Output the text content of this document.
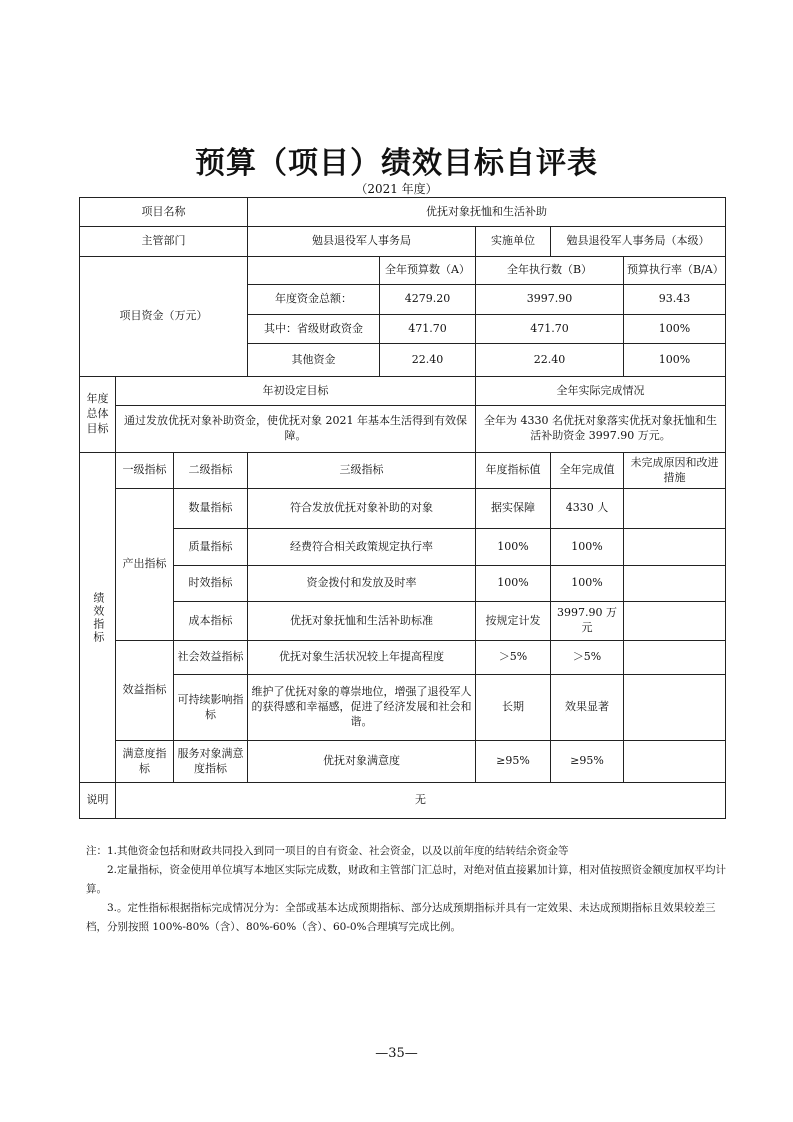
预算（项目）绩效目标自评表
（2021 年度）
项目名称			优抚对象抚恤和生活补助				
主管部门			勉县退役军人事务局		实施单位	勉县退役军人事务局（本级）	
项目资金（万元）				全年预算数（A）	全年执行数（B）		预算执行率（B/A）
			年度资金总额：	4279.20	3997.90		93.43
			其中：省级财政资金	471.70	471.70		100%
			其他资金	22.40	22.40		100%
年度总体目标	年初设定目标				全年实际完成情况		
	通过发放优抚对象补助资金，使优抚对象 2021 年基本生活得到有效保障。				全年为 4330 名优抚对象落实优抚对象抚恤和生活补助资金 3997.90 万元。		
绩效指标	一级指标	二级指标	三级指标		年度指标值	全年完成值	未完成原因和改进措施
	产出指标	数量指标	符合发放优抚对象补助的对象		据实保障	4330 人	
		质量指标	经费符合相关政策规定执行率		100%	100%	
		时效指标	资金拨付和发放及时率		100%	100%	
		成本指标	优抚对象抚恤和生活补助标准		按规定计发	3997.90 万元	
	效益指标	社会效益指标	优抚对象生活状况较上年提高程度		＞5%	＞5%	
		可持续影响指标	维护了优抚对象的尊崇地位，增强了退役军人的获得感和幸福感，促进了经济发展和社会和谐。		长期	效果显著	
	满意度指标	服务对象满意度指标	优抚对象满意度		≥95%	≥95%	
说明	无						

注：1.其他资金包括和财政共同投入到同一项目的自有资金、社会资金，以及以前年度的结转结余资金等

2.定量指标，资金使用单位填写本地区实际完成数，财政和主管部门汇总时，对绝对值直接累加计算，相对值按照资金额度加权平均计算。

3.。定性指标根据指标完成情况分为：全部或基本达成预期指标、部分达成预期指标并具有一定效果、未达成预期指标且效果较差三档，分别按照 100%-80%（含）、80%-60%（含）、60-0%合理填写完成比例。

—35—
